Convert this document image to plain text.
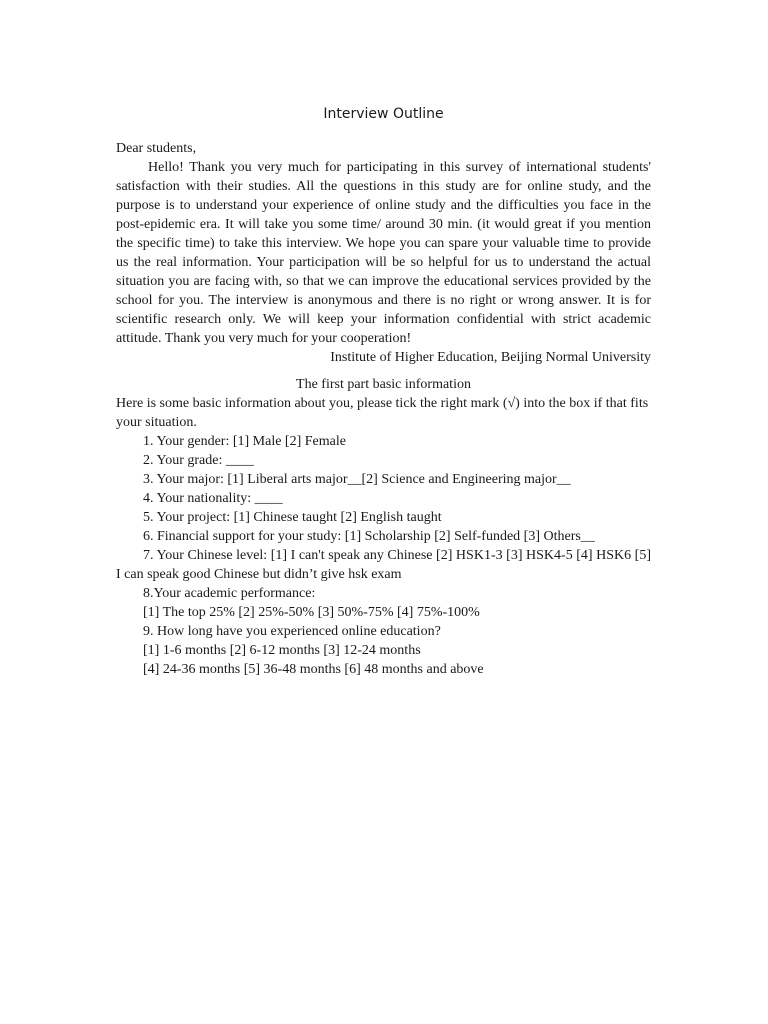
Interview Outline

Dear students,

Hello! Thank you very much for participating in this survey of international students' satisfaction with their studies. All the questions in this study are for online study, and the purpose is to understand your experience of online study and the difficulties you face in the post-epidemic era. It will take you some time/ around 30 min. (it would great if you mention the specific time) to take this interview. We hope you can spare your valuable time to provide us the real information. Your participation will be so helpful for us to understand the actual situation you are facing with, so that we can improve the educational services provided by the school for you. The interview is anonymous and there is no right or wrong answer. It is for scientific research only. We will keep your information confidential with strict academic attitude. Thank you very much for your cooperation!

Institute of Higher Education, Beijing Normal University

The first part basic information

Here is some basic information about you, please tick the right mark (√) into the box if that fits your situation.

1. Your gender: [1] Male [2] Female

2. Your grade: ____

3. Your major: [1] Liberal arts major__[2] Science and Engineering major__

4. Your nationality: ____

5. Your project: [1] Chinese taught [2] English taught

6. Financial support for your study: [1] Scholarship [2] Self-funded [3] Others__

7. Your Chinese level: [1] I can't speak any Chinese [2] HSK1-3 [3] HSK4-5 [4] HSK6 [5] I can speak good Chinese but didn’t give hsk exam

8.Your academic performance:

[1] The top 25% [2] 25%-50% [3] 50%-75% [4] 75%-100%

9. How long have you experienced online education?

[1] 1-6 months [2] 6-12 months [3] 12-24 months

[4] 24-36 months [5] 36-48 months [6] 48 months and above
